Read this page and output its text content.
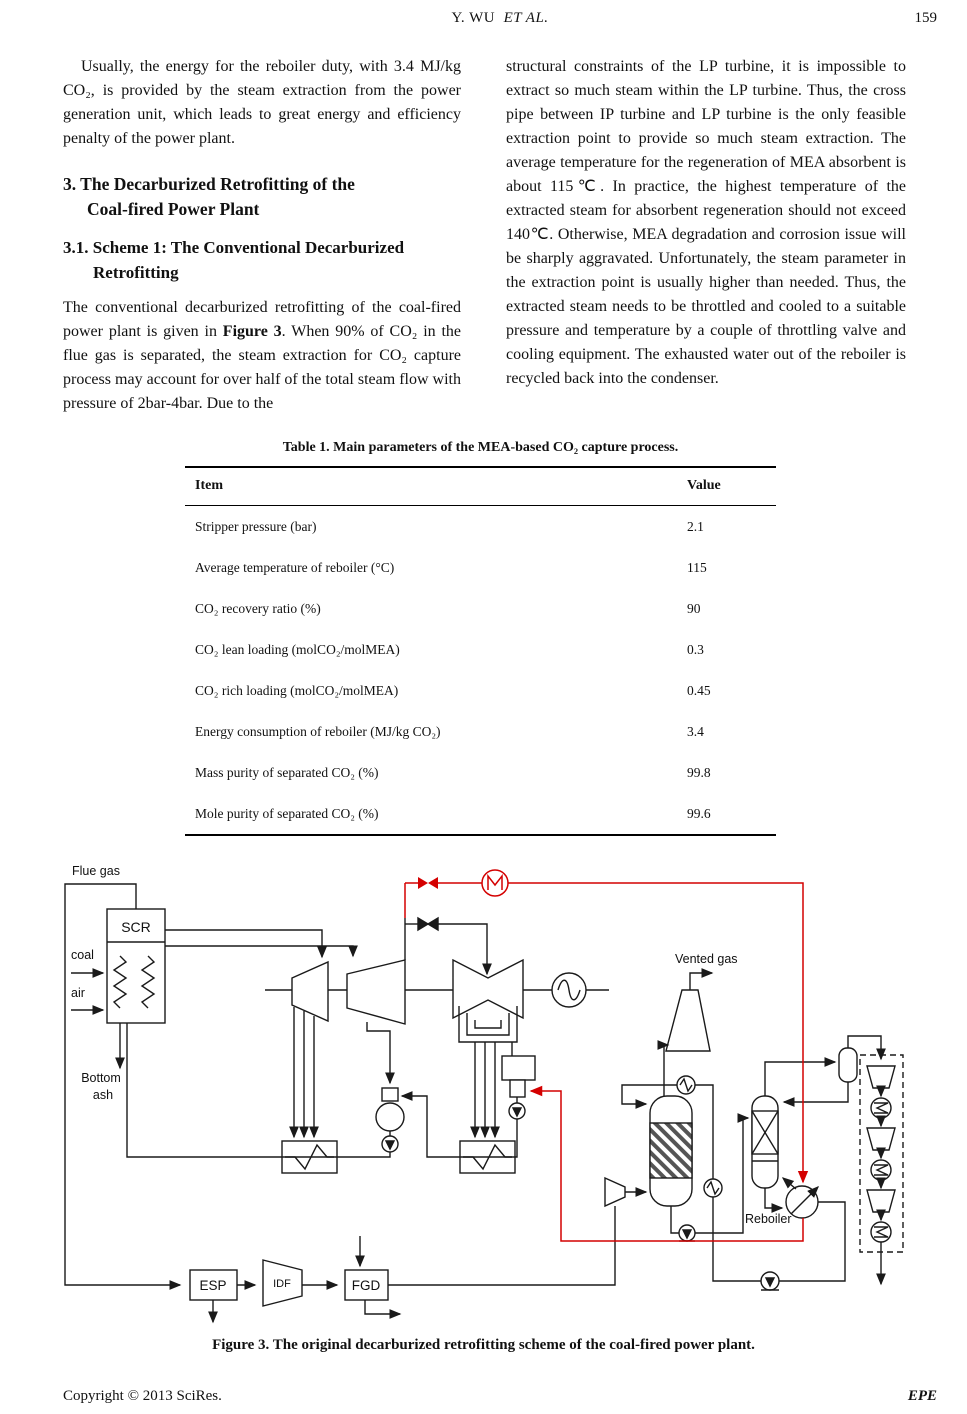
Y. WU ET AL.	159
Usually, the energy for the reboiler duty, with 3.4 MJ/kg CO₂, is provided by the steam extraction from the power generation unit, which leads to great energy and efficiency penalty of the power plant.
3. The Decarburized Retrofitting of the
Coal-fired Power Plant
3.1. Scheme 1: The Conventional Decarburized
Retrofitting
The conventional decarburized retrofitting of the coal-fired power plant is given in Figure 3. When 90% of CO₂ in the flue gas is separated, the steam extraction for CO₂ capture process may account for over half of the total steam flow with pressure of 2bar-4bar. Due to the
structural constraints of the LP turbine, it is impossible to extract so much steam within the LP turbine. Thus, the cross pipe between IP turbine and LP turbine is the only feasible extraction point to provide so much steam extraction. The average temperature for the regeneration of MEA absorbent is about 115℃. In practice, the highest temperature of the extracted steam for absorbent regeneration should not exceed 140℃. Otherwise, MEA degradation and corrosion issue will be sharply aggravated. Unfortunately, the steam parameter in the extraction point is usually higher than needed. Thus, the extracted steam needs to be throttled and cooled to a suitable pressure and temperature by a couple of throttling valve and cooling equipment. The exhausted water out of the reboiler is recycled back into the condenser.
Table 1. Main parameters of the MEA-based CO₂ capture process.
Item	Value
Stripper pressure (bar)	2.1
Average temperature of reboiler (°C)	115
CO₂ recovery ratio (%)	90
CO₂ lean loading (molCO₂/molMEA)	0.3
CO₂ rich loading (molCO₂/molMEA)	0.45
Energy consumption of reboiler (MJ/kg CO₂)	3.4
Mass purity of separated CO₂ (%)	99.8
Mole purity of separated CO₂ (%)	99.6
Flue gas
SCR
coal
air
Bottom
ash
Vented gas
Reboiler
ESP	IDF	FGD
Figure 3. The original decarburized retrofitting scheme of the coal-fired power plant.
Copyright © 2013 SciRes.	EPE
